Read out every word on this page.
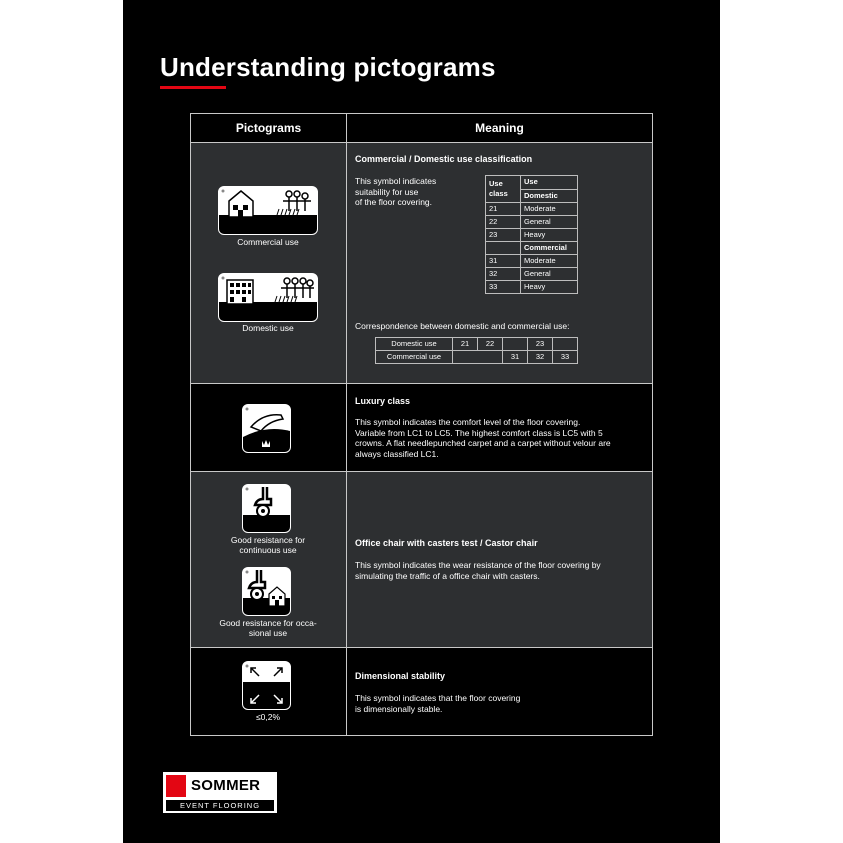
Understanding pictograms
Pictograms	Meaning
22
Commercial use
33
Domestic use
Commercial / Domestic use classification
This symbol indicates
suitability for use
of the floor covering.
Use
class	Use
	Domestic
21	Moderate
22	General
23	Heavy
	Commercial
31	Moderate
32	General
33	Heavy
Correspondence between domestic and commercial use:
Domestic use	21	22		23	
Commercial use			31	32	33
Luxury class
This symbol indicates the comfort level of the floor covering.
Variable from LC1 to LC5. The highest comfort class is LC5 with 5
crowns. A flat needlepunched carpet and a carpet without velour are
always classified LC1.
Good resistance for
continuous use
Good resistance for occa-
sional use
Office chair with casters test / Castor chair
This symbol indicates the wear resistance of the floor covering by
simulating the traffic of a office chair with casters.
≤0,2%
Dimensional stability
This symbol indicates that the floor covering
is dimensionally stable.
SOMMER
EVENT FLOORING
